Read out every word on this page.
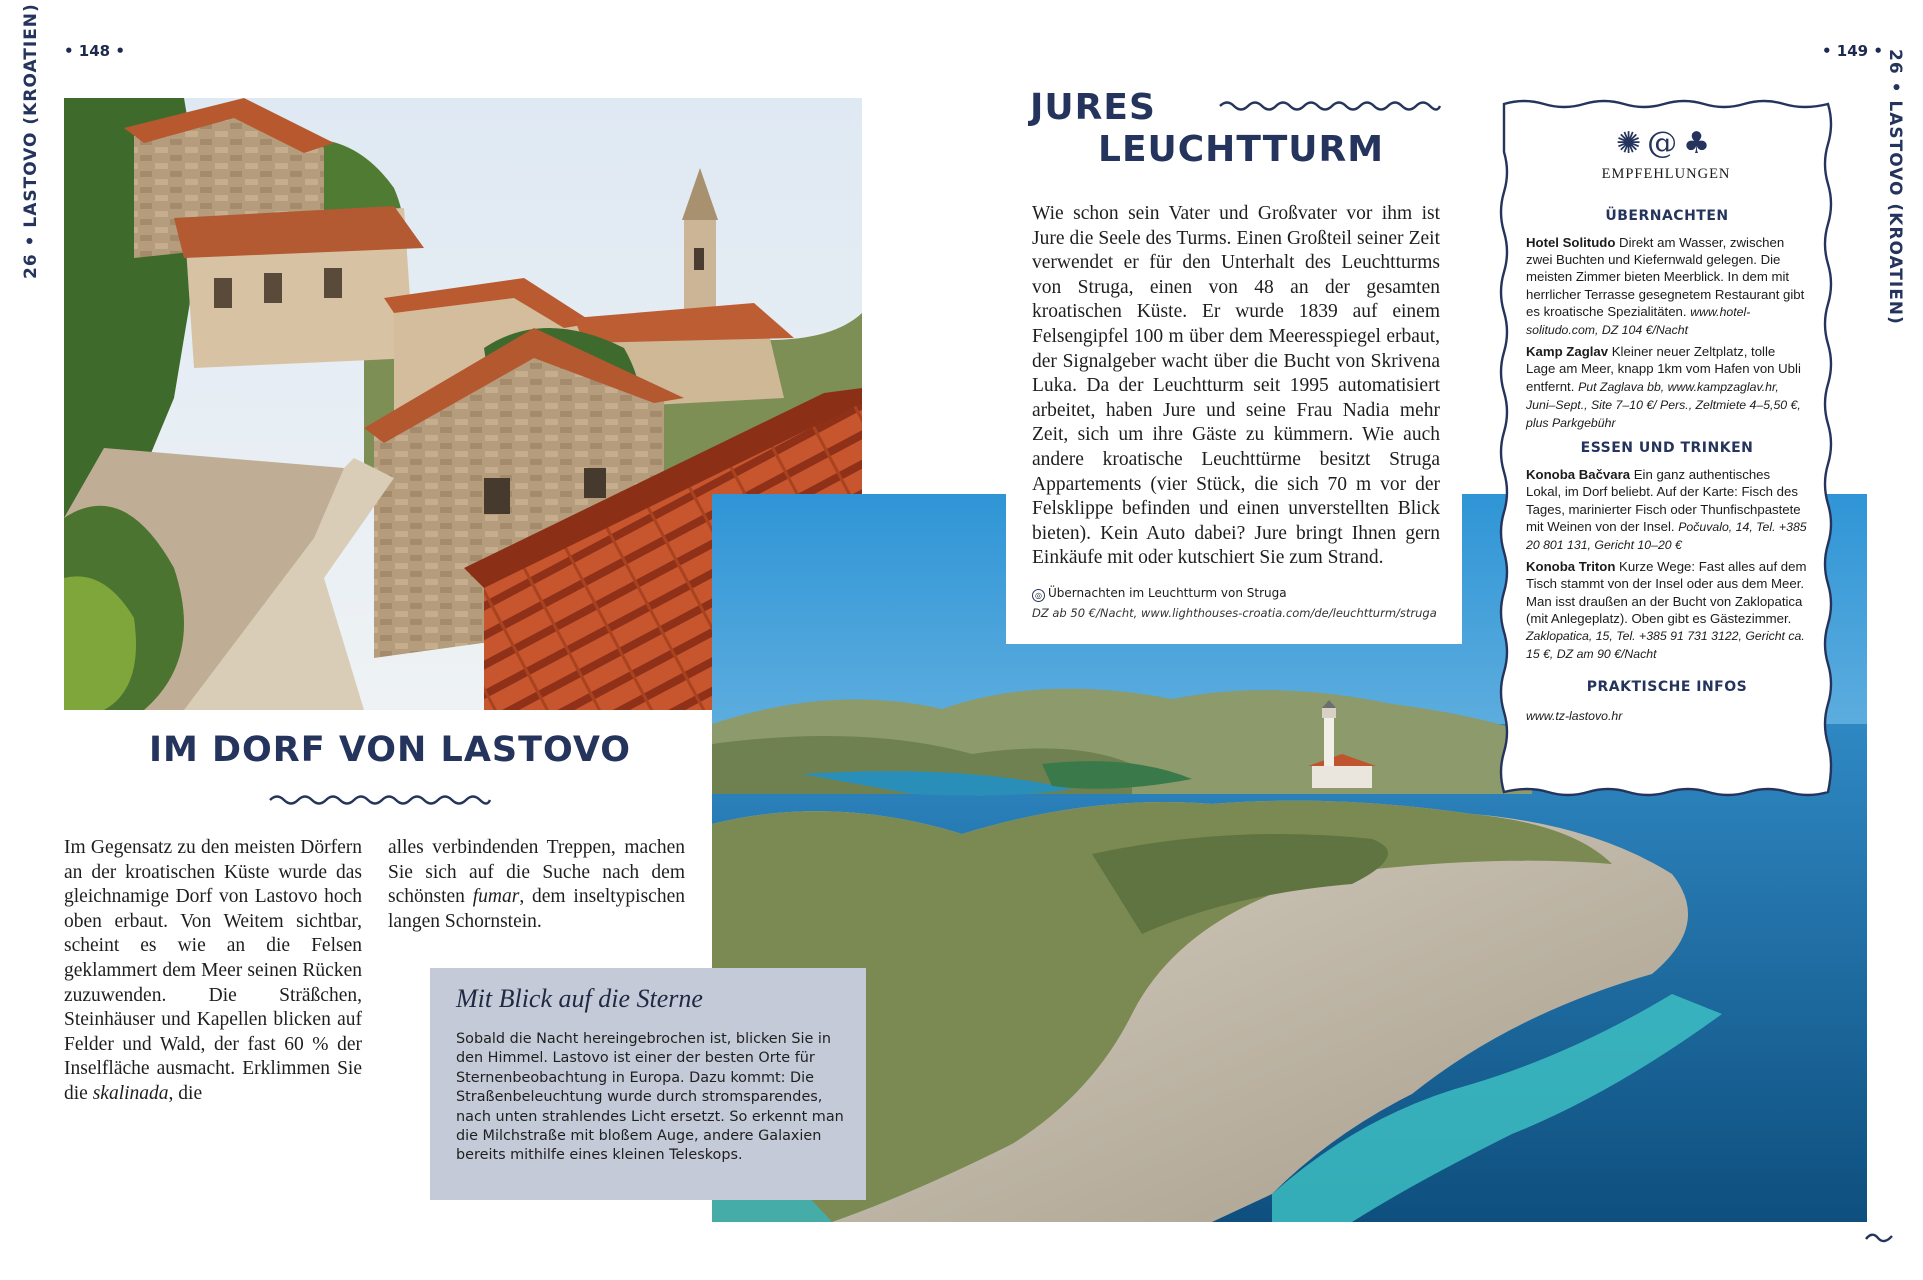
• 148 •
26 • LASTOVO (KROATIEN)
IM DORF VON LASTOVO

Im Gegensatz zu den meisten Dörfern an der kroatischen Küste wurde das gleichnamige Dorf von Lastovo hoch oben erbaut. Von Weitem sichtbar, scheint es wie an die Felsen geklammert dem Meer seinen Rücken zuzuwenden. Die Sträßchen, Steinhäuser und Kapellen blicken auf Felder und Wald, der fast 60 % der Inselfläche ausmacht. Erklimmen Sie die skalinada, die

alles verbindenden Treppen, machen Sie sich auf die Suche nach dem schönsten fumar, dem inseltypischen langen Schornstein.

Mit Blick auf die Sterne
Sobald die Nacht hereingebrochen ist, blicken Sie in den Himmel. Lastovo ist einer der besten Orte für Sternenbeobachtung in Europa. Dazu kommt: Die Straßenbeleuchtung wurde durch stromsparendes, nach unten strahlendes Licht ersetzt. So erkennt man die Milchstraße mit bloßem Auge, andere Galaxien bereits mithilfe eines kleinen Teleskops.
• 149 • 26 • LASTOVO (KROATIEN)
JURES
LEUCHTTURM
Wie schon sein Vater und Großvater vor ihm ist Jure die Seele des Turms. Einen Großteil seiner Zeit verwendet er für den Unterhalt des Leuchtturms von Struga, einen von 48 an der gesamten kroatischen Küste. Er wurde 1839 auf einem Felsengipfel 100 m über dem Meeresspiegel erbaut, der Signalgeber wacht über die Bucht von Skrivena Luka. Da der Leuchtturm seit 1995 automatisiert arbeitet, haben Jure und seine Frau Nadia mehr Zeit, sich um ihre Gäste zu kümmern. Wie auch andere kroatische Leuchttürme besitzt Struga Appartements (vier Stück, die sich 70 m vor der Felsklippe befinden und einen unverstellten Blick bieten). Kein Auto dabei? Jure bringt Ihnen gern Einkäufe mit oder kutschiert Sie zum Strand.
◎ Übernachten im Leuchtturm von Struga
DZ ab 50 €/Nacht, www.lighthouses-croatia.com/de/leuchtturm/struga
✺@♣
EMPFEHLUNGEN
ÜBERNACHTEN
Hotel Solitudo Direkt am Wasser, zwischen zwei Buchten und Kiefernwald gelegen. Die meisten Zimmer bieten Meerblick. In dem mit herrlicher Terrasse gesegnetem Restaurant gibt es kroatische Spezialitäten. www.hotel-solitudo.com, DZ 104 €/Nacht
Kamp Zaglav Kleiner neuer Zeltplatz, tolle Lage am Meer, knapp 1km vom Hafen von Ubli entfernt. Put Zaglava bb, www.kampzaglav.hr, Juni–Sept., Site 7–10 €/ Pers., Zeltmiete 4–5,50 €, plus Parkgebühr
ESSEN UND TRINKEN
Konoba Bačvara Ein ganz authentisches Lokal, im Dorf beliebt. Auf der Karte: Fisch des Tages, marinierter Fisch oder Thunfischpastete mit Weinen von der Insel. Počuvalo, 14, Tel. +385 20 801 131, Gericht 10–20 €
Konoba Triton Kurze Wege: Fast alles auf dem Tisch stammt von der Insel oder aus dem Meer. Man isst draußen an der Bucht von Zaklopatica (mit Anlegeplatz). Oben gibt es Gästezimmer. Zaklopatica, 15, Tel. +385 91 731 3122, Gericht ca. 15 €, DZ am 90 €/Nacht
PRAKTISCHE INFOS
www.tz-lastovo.hr
